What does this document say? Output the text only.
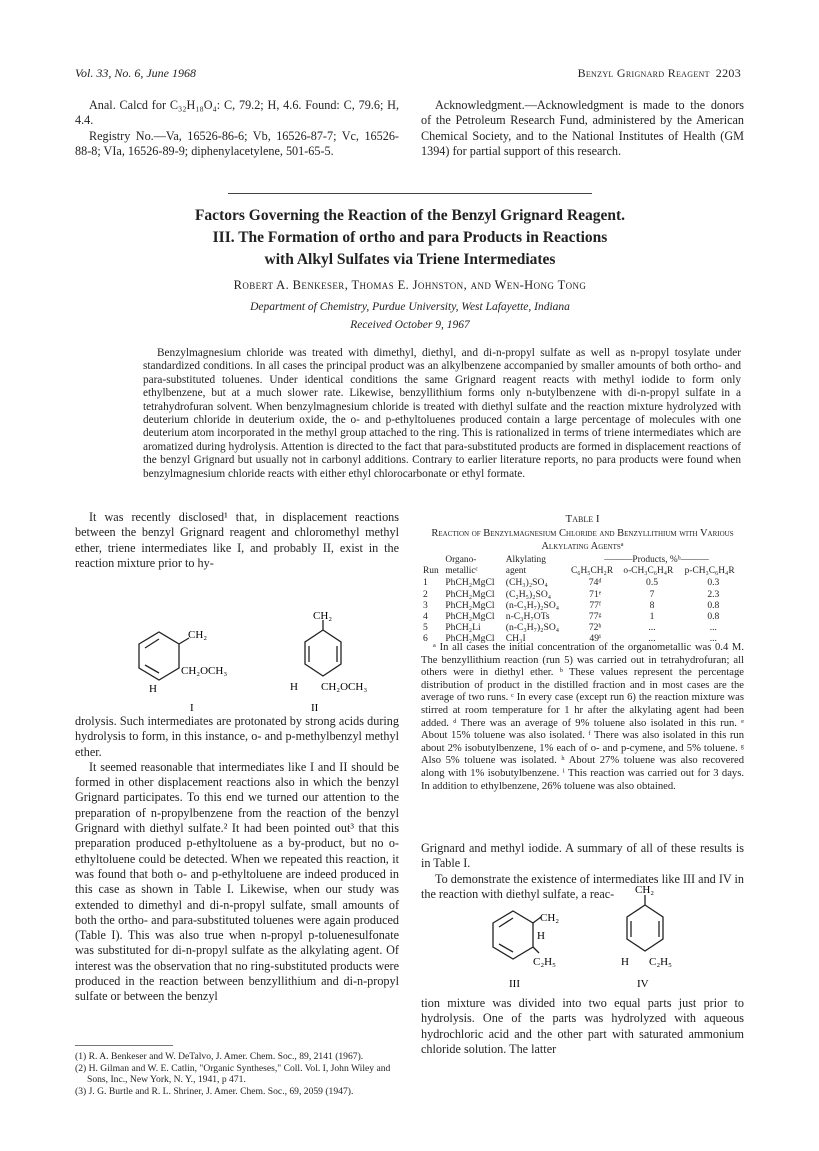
Vol. 33, No. 6, June 1968	Benzyl Grignard Reagent 2203

Anal. Calcd for C₃₂H₁₈O₄: C, 79.2; H, 4.6. Found: C, 79.6; H, 4.4.

Registry No.—Va, 16526-86-6; Vb, 16526-87-7; Vc, 16526-88-8; VIa, 16526-89-9; diphenylacetylene, 501-65-5.

Acknowledgment.—Acknowledgment is made to the donors of the Petroleum Research Fund, administered by the American Chemical Society, and to the National Institutes of Health (GM 1394) for partial support of this research.

Factors Governing the Reaction of the Benzyl Grignard Reagent.
III. The Formation of ortho and para Products in Reactions
with Alkyl Sulfates via Triene Intermediates
Robert A. Benkeser, Thomas E. Johnston, and Wen-Hong Tong
Department of Chemistry, Purdue University, West Lafayette, Indiana
Received October 9, 1967
Benzylmagnesium chloride was treated with dimethyl, diethyl, and di-n-propyl sulfate as well as n-propyl tosylate under standardized conditions. In all cases the principal product was an alkylbenzene accompanied by smaller amounts of both ortho- and para-substituted toluenes. Under identical conditions the same Grignard reagent reacts with methyl iodide to form only ethylbenzene, but at a much slower rate. Likewise, benzyllithium forms only n-butylbenzene with di-n-propyl sulfate in a tetrahydrofuran solvent. When benzylmagnesium chloride is treated with diethyl sulfate and the reaction mixture hydrolyzed with deuterium chloride in deuterium oxide, the o- and p-ethyltoluenes produced contain a large percentage of molecules with one deuterium atom incorporated in the methyl group attached to the ring. This is rationalized in terms of triene intermediates which are aromatized during hydrolysis. Attention is directed to the fact that para-substituted products are formed in displacement reactions of the benzyl Grignard but usually not in carbonyl additions. Contrary to earlier literature reports, no para products were found when benzylmagnesium chloride reacts with either ethyl chlorocarbonate or ethyl formate.

It was recently disclosed¹ that, in displacement reactions between the benzyl Grignard reagent and chloromethyl methyl ether, triene intermediates like I, and probably II, exist in the reaction mixture prior to hy-

CH₂
CH₂OCH₃
H
I
CH₂
H CH₂OCH₃
II

drolysis. Such intermediates are protonated by strong acids during hydrolysis to form, in this instance, o- and p-methylbenzyl methyl ether.

It seemed reasonable that intermediates like I and II should be formed in other displacement reactions also in which the benzyl Grignard participates. To this end we turned our attention to the preparation of n-propylbenzene from the reaction of the benzyl Grignard with diethyl sulfate.² It had been pointed out³ that this preparation produced p-ethyltoluene as a by-product, but no o-ethyltoluene could be detected. When we repeated this reaction, it was found that both o- and p-ethyltoluene are indeed produced in this case as shown in Table I. Likewise, when our study was extended to dimethyl and di-n-propyl sulfate, small amounts of both the ortho- and para-substituted toluenes were again produced (Table I). This was also true when n-propyl p-toluenesulfonate was substituted for di-n-propyl sulfate as the alkylating agent. Of interest was the observation that no ring-substituted products were produced in the reaction between benzyllithium and di-n-propyl sulfate or between the benzyl

(1) R. A. Benkeser and W. DeTalvo, J. Amer. Chem. Soc., 89, 2141 (1967).
(2) H. Gilman and W. E. Catlin, "Organic Syntheses," Coll. Vol. I, John Wiley and Sons, Inc., New York, N. Y., 1941, p 471.
(3) J. G. Burtle and R. L. Shriner, J. Amer. Chem. Soc., 69, 2059 (1947).
Table I
Reaction of Benzylmagnesium Chloride and Benzyllithium with Various Alkylating Agentsᵃ
	Organo-	Alkylating	———Products, %ᵇ———		
Run	metallicᶜ	agent	C₆H₅CH₂R	o-CH₃C₆H₄R	p-CH₃C₆H₄R
1	PhCH₂MgCl	(CH₃)₂SO₄	74ᵈ	0.5	0.3
2	PhCH₂MgCl	(C₂H₅)₂SO₄	71ᵉ	7	2.3
3	PhCH₂MgCl	(n-C₃H₇)₂SO₄	77ᶠ	8	0.8
4	PhCH₂MgCl	n-C₃H₇OTs	77ᵍ	1	0.8
5	PhCH₂Li	(n-C₃H₇)₂SO₄	72ʰ	...	...
6	PhCH₂MgCl	CH₃I	49ⁱ	...	...

ᵃ In all cases the initial concentration of the organometallic was 0.4 M. The benzyllithium reaction (run 5) was carried out in tetrahydrofuran; all others were in diethyl ether. ᵇ These values represent the percentage distribution of product in the distilled fraction and in most cases are the average of two runs. ᶜ In every case (except run 6) the reaction mixture was stirred at room temperature for 1 hr after the alkylating agent had been added. ᵈ There was an average of 9% toluene also isolated in this run. ᵉ About 15% toluene was also isolated. ᶠ There was also isolated in this run about 2% isobutylbenzene, 1% each of o- and p-cymene, and 5% toluene. ᵍ Also 5% toluene was isolated. ʰ About 27% toluene was also recovered along with 1% isobutylbenzene. ⁱ This reaction was carried out for 3 days. In addition to ethylbenzene, 26% toluene was also obtained.

Grignard and methyl iodide. A summary of all of these results is in Table I.

To demonstrate the existence of intermediates like III and IV in the reaction with diethyl sulfate, a reac-

CH₂
H
C₂H₅
III
CH₂
H C₂H₅
IV

tion mixture was divided into two equal parts just prior to hydrolysis. One of the parts was hydrolyzed with aqueous hydrochloric acid and the other part with saturated ammonium chloride solution. The latter
